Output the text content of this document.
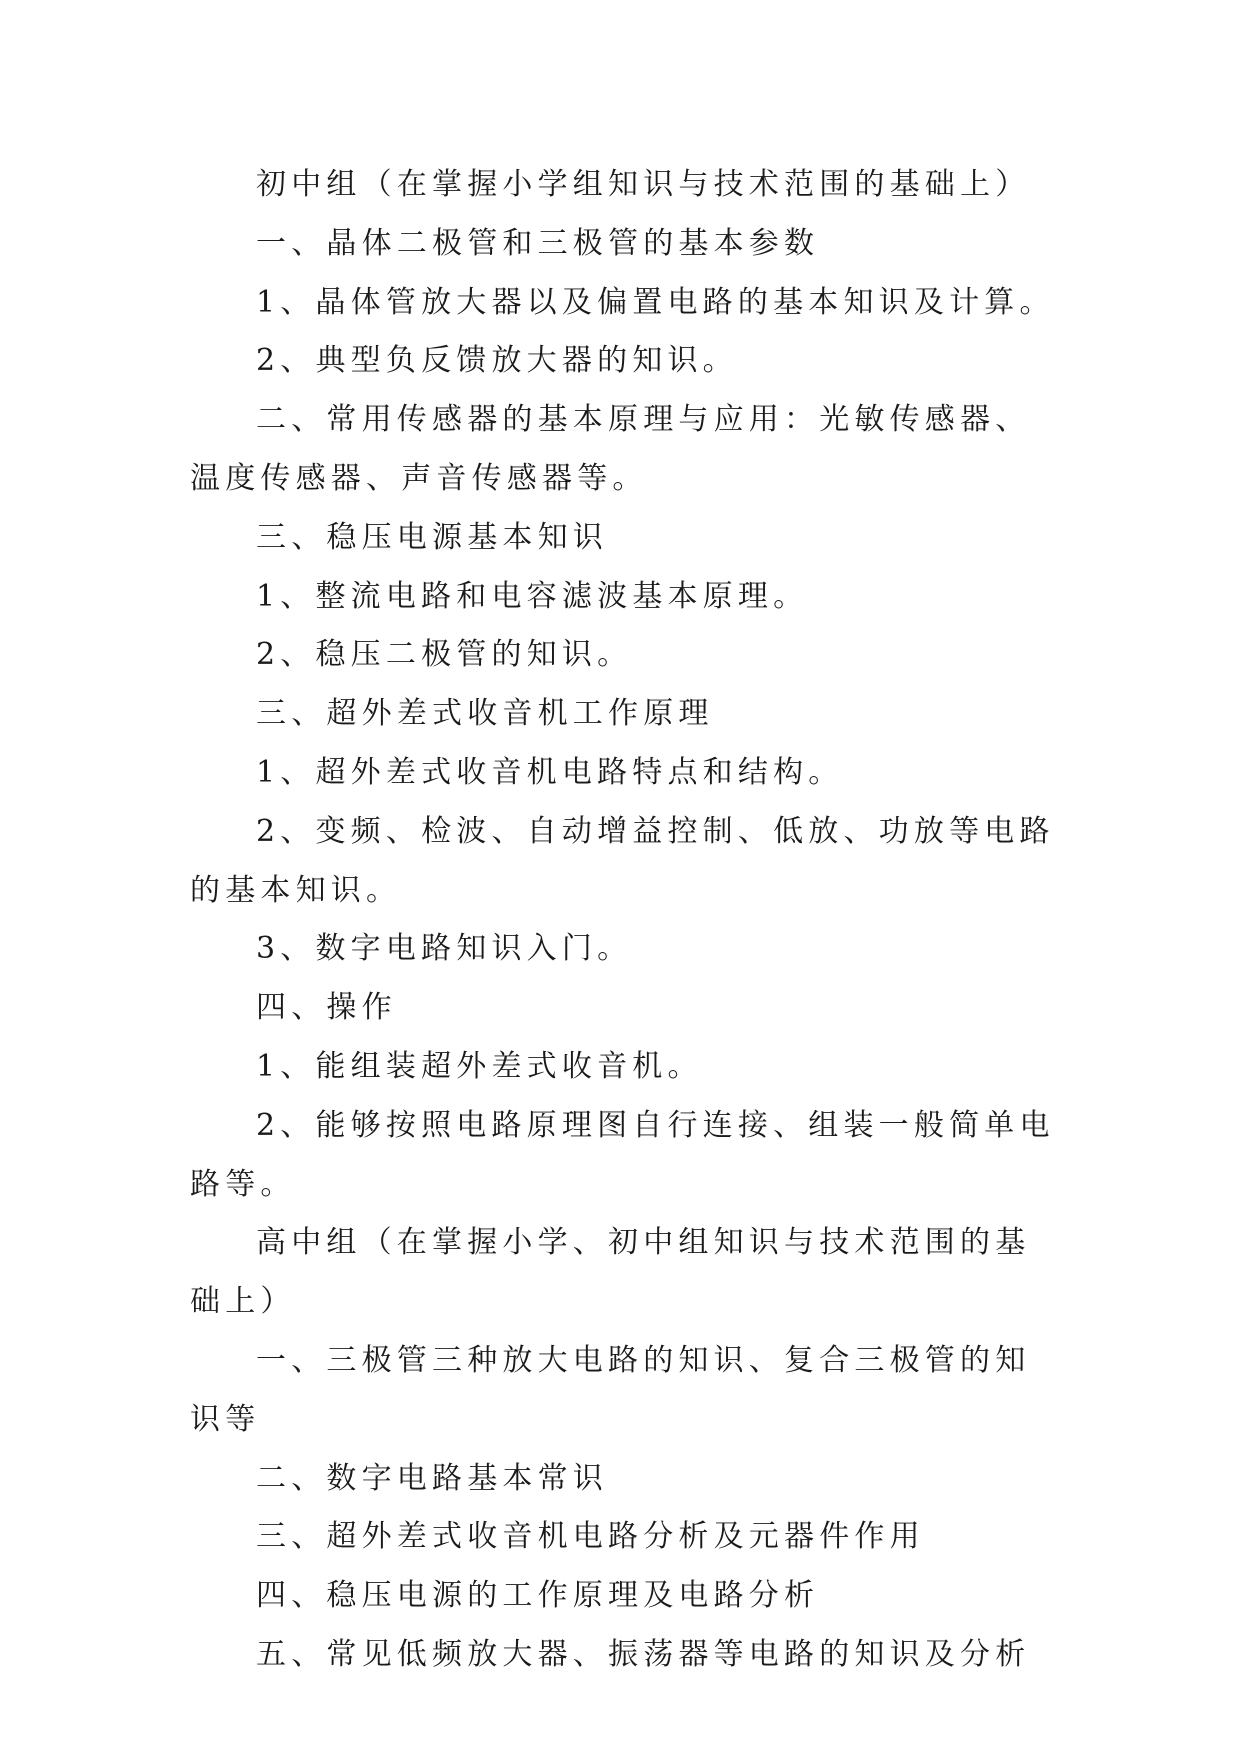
初中组（在掌握小学组知识与技术范围的基础上）

一、晶体二极管和三极管的基本参数

1、晶体管放大器以及偏置电路的基本知识及计算。

2、典型负反馈放大器的知识。

二、常用传感器的基本原理与应用：光敏传感器、温度传感器、声音传感器等。

三、稳压电源基本知识

1、整流电路和电容滤波基本原理。

2、稳压二极管的知识。

三、超外差式收音机工作原理

1、超外差式收音机电路特点和结构。

2、变频、检波、自动增益控制、低放、功放等电路的基本知识。

3、数字电路知识入门。

四、操作

1、能组装超外差式收音机。

2、能够按照电路原理图自行连接、组装一般简单电路等。

高中组（在掌握小学、初中组知识与技术范围的基础上）

一、三极管三种放大电路的知识、复合三极管的知识等

二、数字电路基本常识

三、超外差式收音机电路分析及元器件作用

四、稳压电源的工作原理及电路分析

五、常见低频放大器、振荡器等电路的知识及分析
